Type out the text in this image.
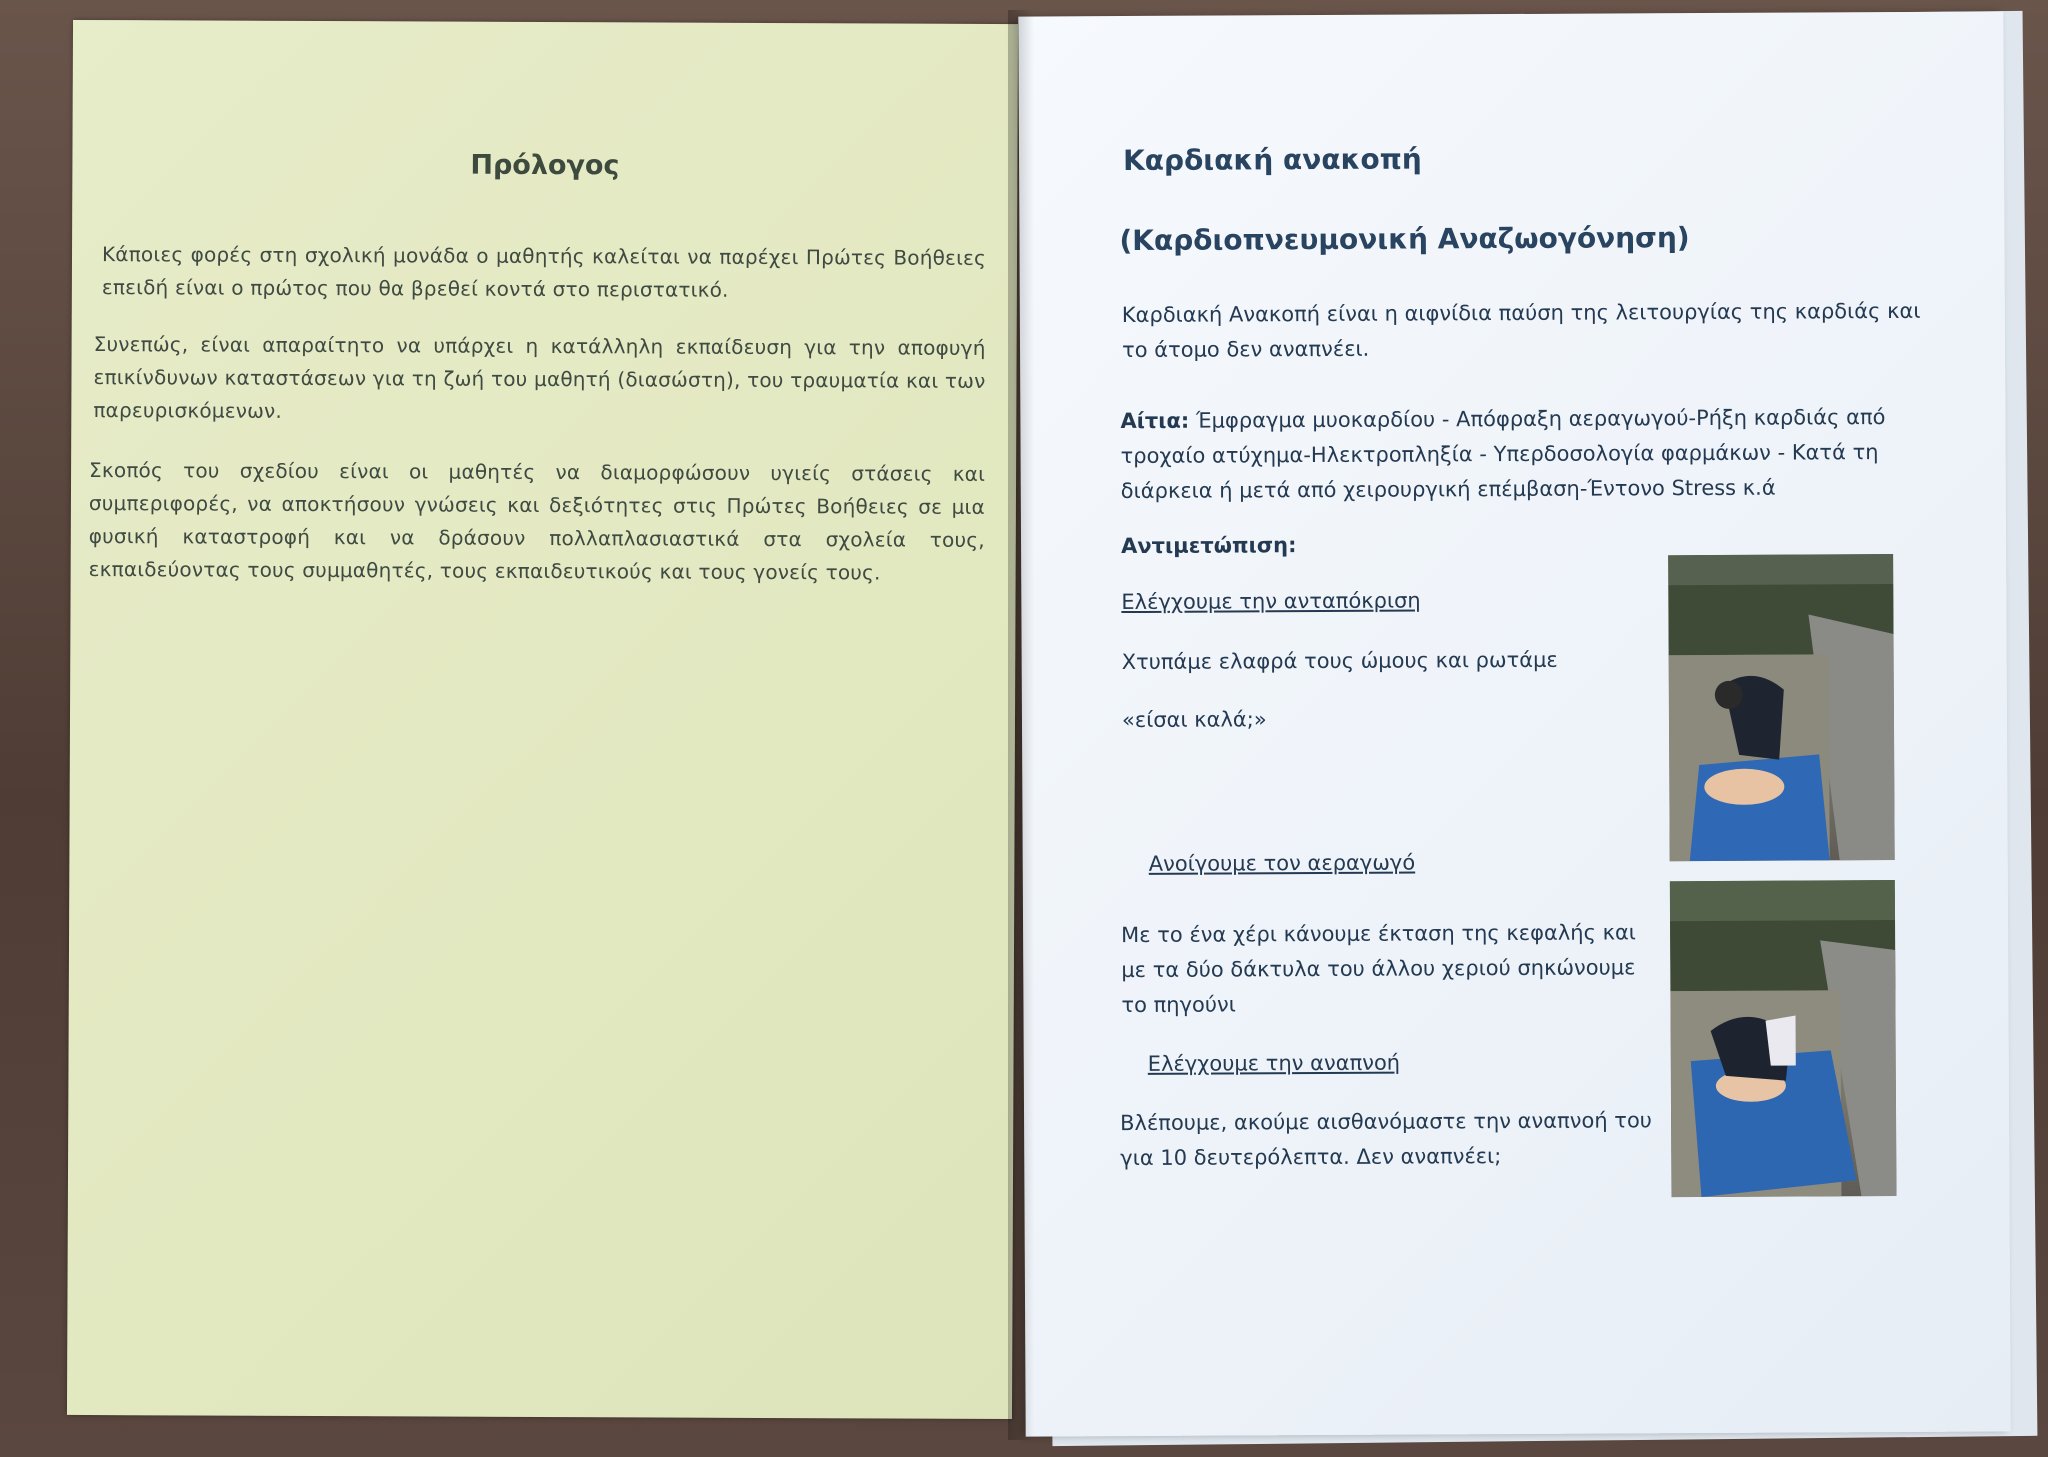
Πρόλογος
Κάποιες φορές στη σχολική μονάδα ο μαθητής καλείται να παρέχει Πρώτες Βοήθειες επειδή είναι ο πρώτος που θα βρεθεί κοντά στο περιστατικό.
Συνεπώς, είναι απαραίτητο να υπάρχει η κατάλληλη εκπαίδευση για την αποφυγή επικίνδυνων καταστάσεων για τη ζωή του μαθητή (διασώστη), του τραυματία και των παρευρισκόμενων.
Σκοπός του σχεδίου είναι οι μαθητές να διαμορφώσουν υγιείς στάσεις και συμπεριφορές, να αποκτήσουν γνώσεις και δεξιότητες στις Πρώτες Βοήθειες σε μια φυσική καταστροφή και να δράσουν πολλαπλασιαστικά στα σχολεία τους, εκπαιδεύοντας τους συμμαθητές, τους εκπαιδευτικούς και τους γονείς τους.
Καρδιακή ανακοπή
(Καρδιοπνευμονική Αναζωογόνηση)
Καρδιακή Ανακοπή είναι η αιφνίδια παύση της λειτουργίας της καρδιάς και το άτομο δεν αναπνέει.
Αίτια: Έμφραγμα μυοκαρδίου - Απόφραξη αεραγωγού-Ρήξη καρδιάς από τροχαίο ατύχημα-Ηλεκτροπληξία - Υπερδοσολογία φαρμάκων - Κατά τη διάρκεια ή μετά από χειρουργική επέμβαση-Έντονο Stress κ.ά
Αντιμετώπιση:
Ελέγχουμε την ανταπόκριση
Χτυπάμε ελαφρά τους ώμους και ρωτάμε
«είσαι καλά;»
Ανοίγουμε τον αεραγωγό
Με το ένα χέρι κάνουμε έκταση της κεφαλής και με τα δύο δάκτυλα του άλλου χεριού σηκώνουμε το πηγούνι
Ελέγχουμε την αναπνοή
Βλέπουμε, ακούμε αισθανόμαστε την αναπνοή του για 10 δευτερόλεπτα. Δεν αναπνέει;
